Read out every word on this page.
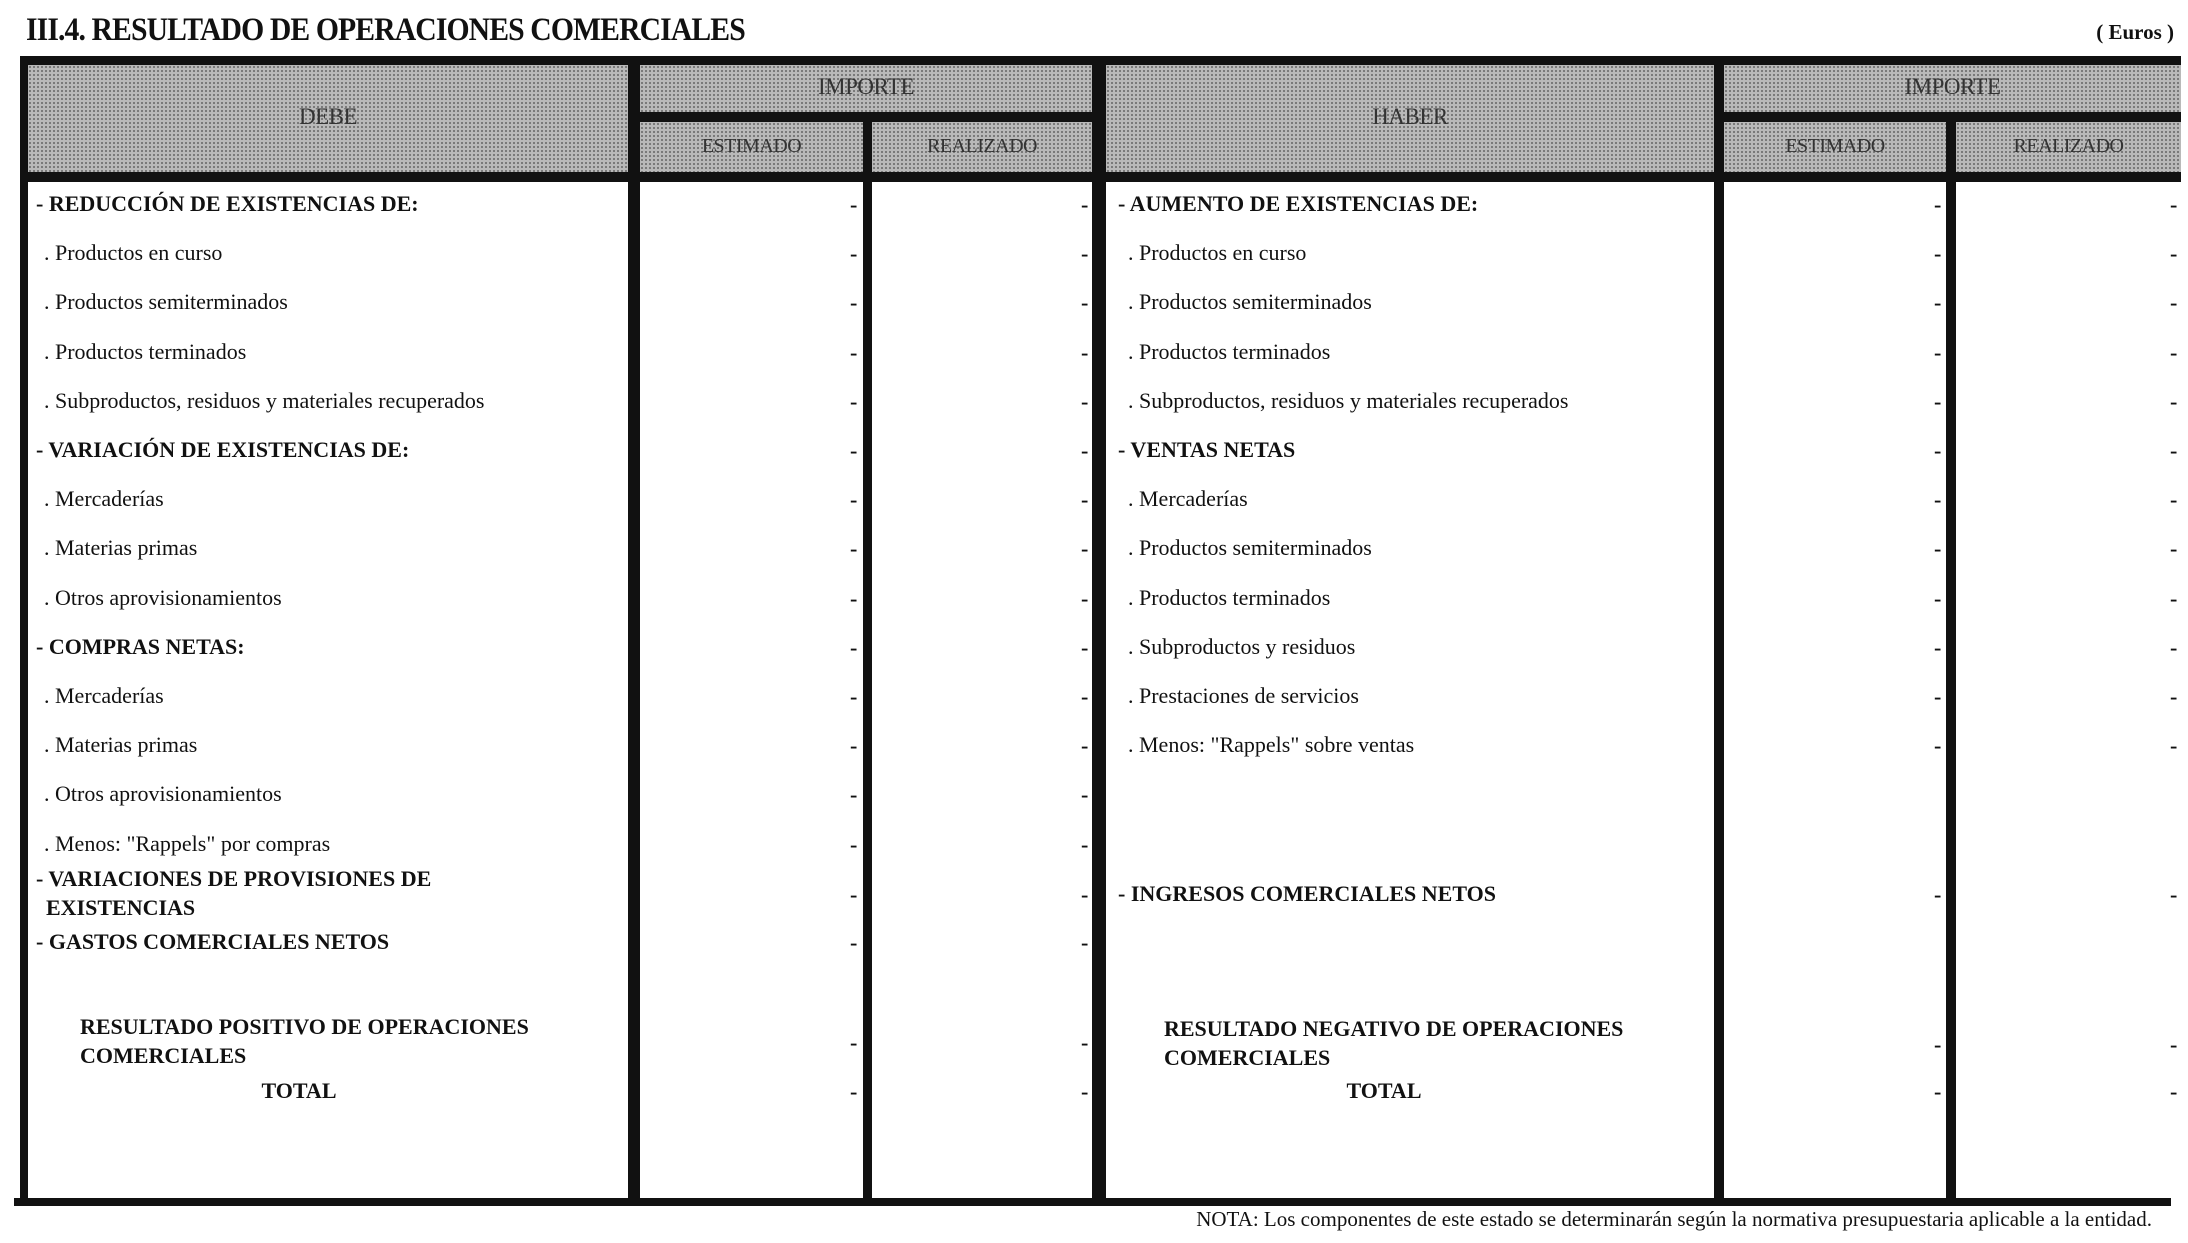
III.4. RESULTADO DE OPERACIONES COMERCIALES	( Euros )
DEBE
IMPORTE
ESTIMADO	REALIZADO
HABER
IMPORTE
ESTIMADO	REALIZADO
- REDUCCIÓN DE EXISTENCIAS DE:	-	-
. Productos en curso	-	-
. Productos semiterminados	-	-
. Productos terminados	-	-
. Subproductos, residuos y materiales recuperados	-	-
- VARIACIÓN DE EXISTENCIAS DE:	-	-
. Mercaderías	-	-
. Materias primas	-	-
. Otros aprovisionamientos	-	-
- COMPRAS NETAS:	-	-
. Mercaderías	-	-
. Materias primas	-	-
. Otros aprovisionamientos	-	-
. Menos: "Rappels" por compras	-	-
- VARIACIONES DE PROVISIONES DE
EXISTENCIAS
-	-
- GASTOS COMERCIALES NETOS	-	-
RESULTADO POSITIVO DE OPERACIONES
COMERCIALES
-	-
TOTAL	-	-
- AUMENTO DE EXISTENCIAS DE:	-	-
. Productos en curso	-	-
. Productos semiterminados	-	-
. Productos terminados	-	-
. Subproductos, residuos y materiales recuperados	-	-
- VENTAS NETAS	-	-
. Mercaderías	-	-
. Productos semiterminados	-	-
. Productos terminados	-	-
. Subproductos y residuos	-	-
. Prestaciones de servicios	-	-
. Menos: "Rappels" sobre ventas	-	-
- INGRESOS COMERCIALES NETOS	-	-
RESULTADO NEGATIVO DE OPERACIONES
COMERCIALES
-	-
TOTAL	-	-
NOTA: Los componentes de este estado se determinarán según la normativa presupuestaria aplicable a la entidad.
